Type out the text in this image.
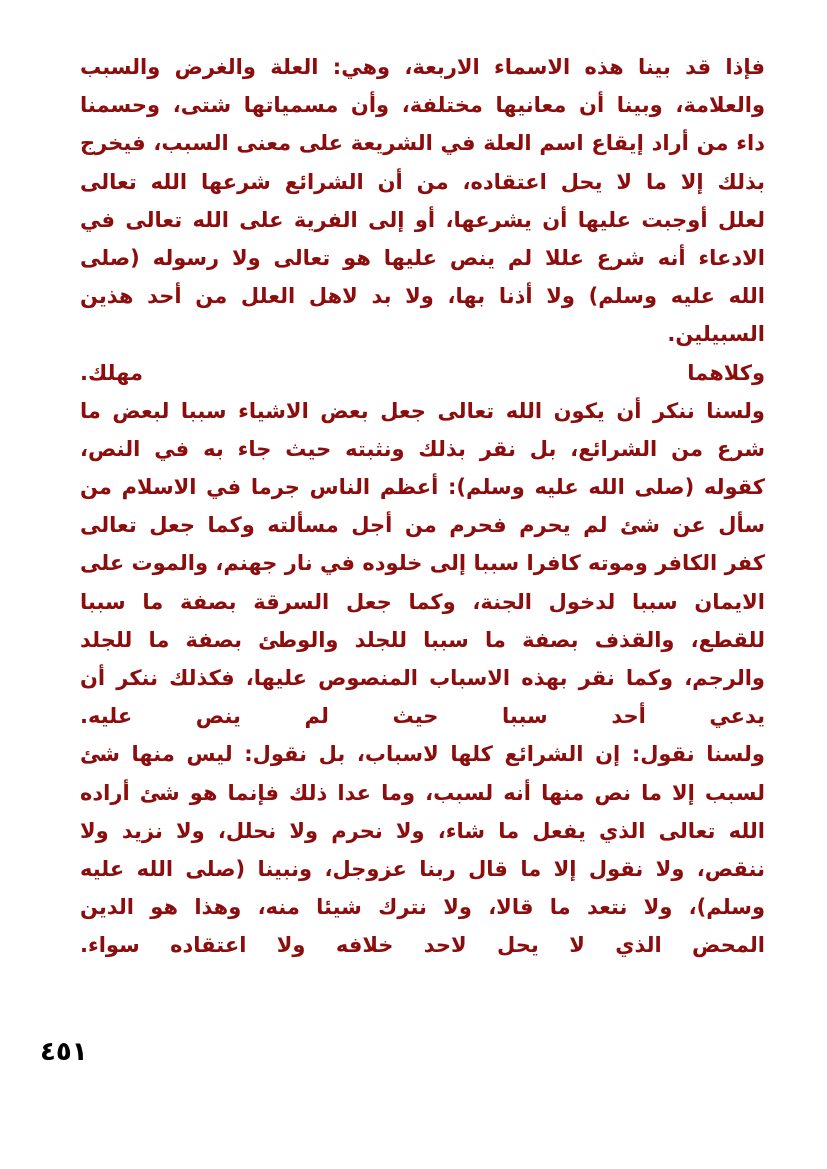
فإذا قد بينا هذه الاسماء الاربعة، وهي: العلة والغرض والسبب
والعلامة، وبينا أن معانيها مختلفة، وأن مسمياتها شتى، وحسمنا
داء من أراد إيقاع اسم العلة في الشريعة على معنى السبب، فيخرج
بذلك إلا ما لا يحل اعتقاده، من أن الشرائع شرعها الله تعالى
لعلل أوجبت عليها أن يشرعها، أو إلى الفرية على الله تعالى في
الادعاء أنه شرع عللا لم ينص عليها هو تعالى ولا رسوله (صلى
الله عليه وسلم) ولا أذنا بها، ولا بد لاهل العلل من أحد هذين
السبيلين.
وكلاهما مهلك.
ولسنا ننكر أن يكون الله تعالى جعل بعض الاشياء سببا لبعض ما
شرع من الشرائع، بل نقر بذلك ونثبته حيث جاء به في النص،
كقوله (صلى الله عليه وسلم): أعظم الناس جرما في الاسلام من
سأل عن شئ لم يحرم فحرم من أجل مسألته وكما جعل تعالى
كفر الكافر وموته كافرا سببا إلى خلوده في نار جهنم، والموت على
الايمان سببا لدخول الجنة، وكما جعل السرقة بصفة ما سببا
للقطع، والقذف بصفة ما سببا للجلد والوطئ بصفة ما للجلد
والرجم، وكما نقر بهذه الاسباب المنصوص عليها، فكذلك ننكر أن
يدعي أحد سببا حيث لم ينص عليه.
ولسنا نقول: إن الشرائع كلها لاسباب، بل نقول: ليس منها شئ
لسبب إلا ما نص منها أنه لسبب، وما عدا ذلك فإنما هو شئ أراده
الله تعالى الذي يفعل ما شاء، ولا نحرم ولا نحلل، ولا نزيد ولا
ننقص، ولا نقول إلا ما قال ربنا عزوجل، ونبينا (صلى الله عليه
وسلم)، ولا نتعد ما قالا، ولا نترك شيئا منه، وهذا هو الدين
المحض الذي لا يحل لاحد خلافه ولا اعتقاده سواء.
٤٥١
